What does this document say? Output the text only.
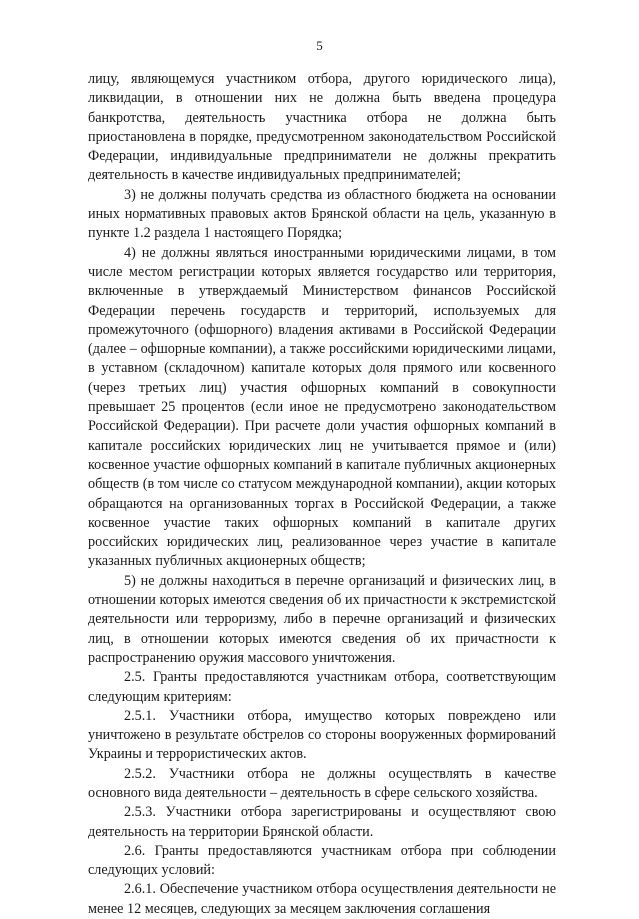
5

лицу, являющемуся участником отбора, другого юридического лица), ликвидации, в отношении них не должна быть введена процедура банкротства, деятельность участника отбора не должна быть приостановлена в порядке, предусмотренном законодательством Российской Федерации, индивидуальные предприниматели не должны прекратить деятельность в качестве индивидуальных предпринимателей;

3) не должны получать средства из областного бюджета на основании иных нормативных правовых актов Брянской области на цель, указанную в пункте 1.2 раздела 1 настоящего Порядка;

4) не должны являться иностранными юридическими лицами, в том числе местом регистрации которых является государство или территория, включенные в утверждаемый Министерством финансов Российской Федерации перечень государств и территорий, используемых для промежуточного (офшорного) владения активами в Российской Федерации (далее – офшорные компании), а также российскими юридическими лицами, в уставном (складочном) капитале которых доля прямого или косвенного (через третьих лиц) участия офшорных компаний в совокупности превышает 25 процентов (если иное не предусмотрено законодательством Российской Федерации). При расчете доли участия офшорных компаний в капитале российских юридических лиц не учитывается прямое и (или) косвенное участие офшорных компаний в капитале публичных акционерных обществ (в том числе со статусом международной компании), акции которых обращаются на организованных торгах в Российской Федерации, а также косвенное участие таких офшорных компаний в капитале других российских юридических лиц, реализованное через участие в капитале указанных публичных акционерных обществ;

5) не должны находиться в перечне организаций и физических лиц, в отношении которых имеются сведения об их причастности к экстремистской деятельности или терроризму, либо в перечне организаций и физических лиц, в отношении которых имеются сведения об их причастности к распространению оружия массового уничтожения.

2.5. Гранты предоставляются участникам отбора, соответствующим следующим критериям:

2.5.1. Участники отбора, имущество которых повреждено или уничтожено в результате обстрелов со стороны вооруженных формирований Украины и террористических актов.

2.5.2. Участники отбора не должны осуществлять в качестве основного вида деятельности – деятельность в сфере сельского хозяйства.

2.5.3. Участники отбора зарегистрированы и осуществляют свою деятельность на территории Брянской области.

2.6. Гранты предоставляются участникам отбора при соблюдении следующих условий:

2.6.1. Обеспечение участником отбора осуществления деятельности не менее 12 месяцев, следующих за месяцем заключения соглашения
